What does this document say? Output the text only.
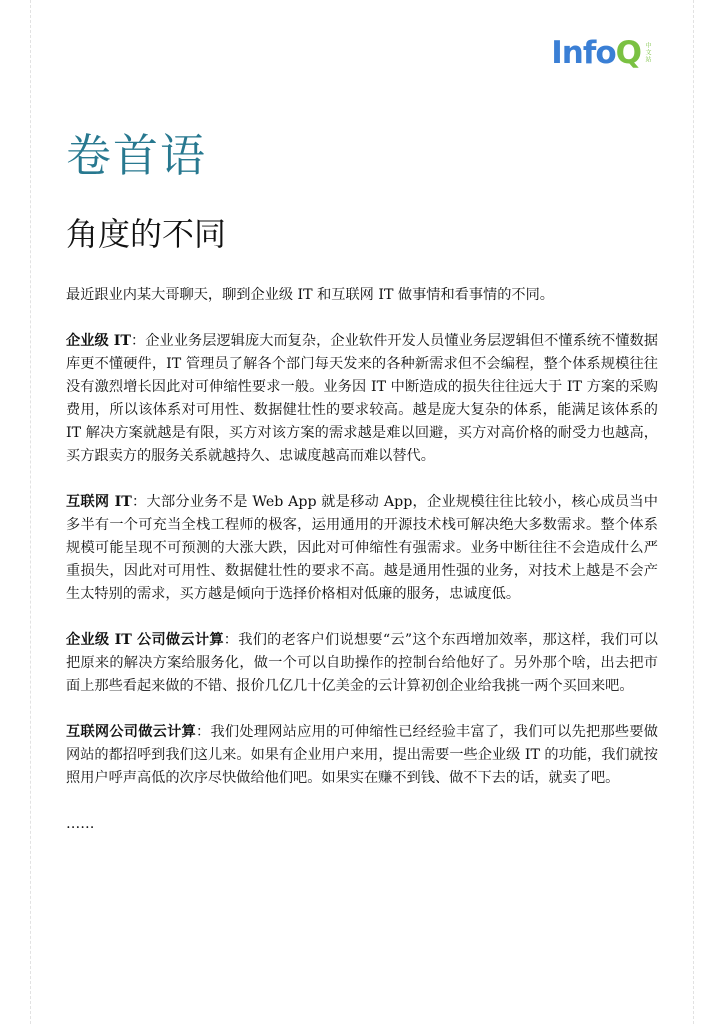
InfoQ 中文站
卷首语
角度的不同

最近跟业内某大哥聊天，聊到企业级 IT 和互联网 IT 做事情和看事情的不同。

企业级 IT：企业业务层逻辑庞大而复杂，企业软件开发人员懂业务层逻辑但不懂系统不懂数据库更不懂硬件，IT 管理员了解各个部门每天发来的各种新需求但不会编程，整个体系规模往往没有激烈增长因此对可伸缩性要求一般。业务因 IT 中断造成的损失往往远大于 IT 方案的采购费用，所以该体系对可用性、数据健壮性的要求较高。越是庞大复杂的体系，能满足该体系的 IT 解决方案就越是有限，买方对该方案的需求越是难以回避，买方对高价格的耐受力也越高，买方跟卖方的服务关系就越持久、忠诚度越高而难以替代。

互联网 IT：大部分业务不是 Web App 就是移动 App，企业规模往往比较小，核心成员当中多半有一个可充当全栈工程师的极客，运用通用的开源技术栈可解决绝大多数需求。整个体系规模可能呈现不可预测的大涨大跌，因此对可伸缩性有强需求。业务中断往往不会造成什么严重损失，因此对可用性、数据健壮性的要求不高。越是通用性强的业务，对技术上越是不会产生太特别的需求，买方越是倾向于选择价格相对低廉的服务，忠诚度低。

企业级 IT 公司做云计算：我们的老客户们说想要“云”这个东西增加效率，那这样，我们可以把原来的解决方案给服务化，做一个可以自助操作的控制台给他好了。另外那个啥，出去把市面上那些看起来做的不错、报价几亿几十亿美金的云计算初创企业给我挑一两个买回来吧。

互联网公司做云计算：我们处理网站应用的可伸缩性已经经验丰富了，我们可以先把那些要做网站的都招呼到我们这儿来。如果有企业用户来用，提出需要一些企业级 IT 的功能，我们就按照用户呼声高低的次序尽快做给他们吧。如果实在赚不到钱、做不下去的话，就卖了吧。

……
